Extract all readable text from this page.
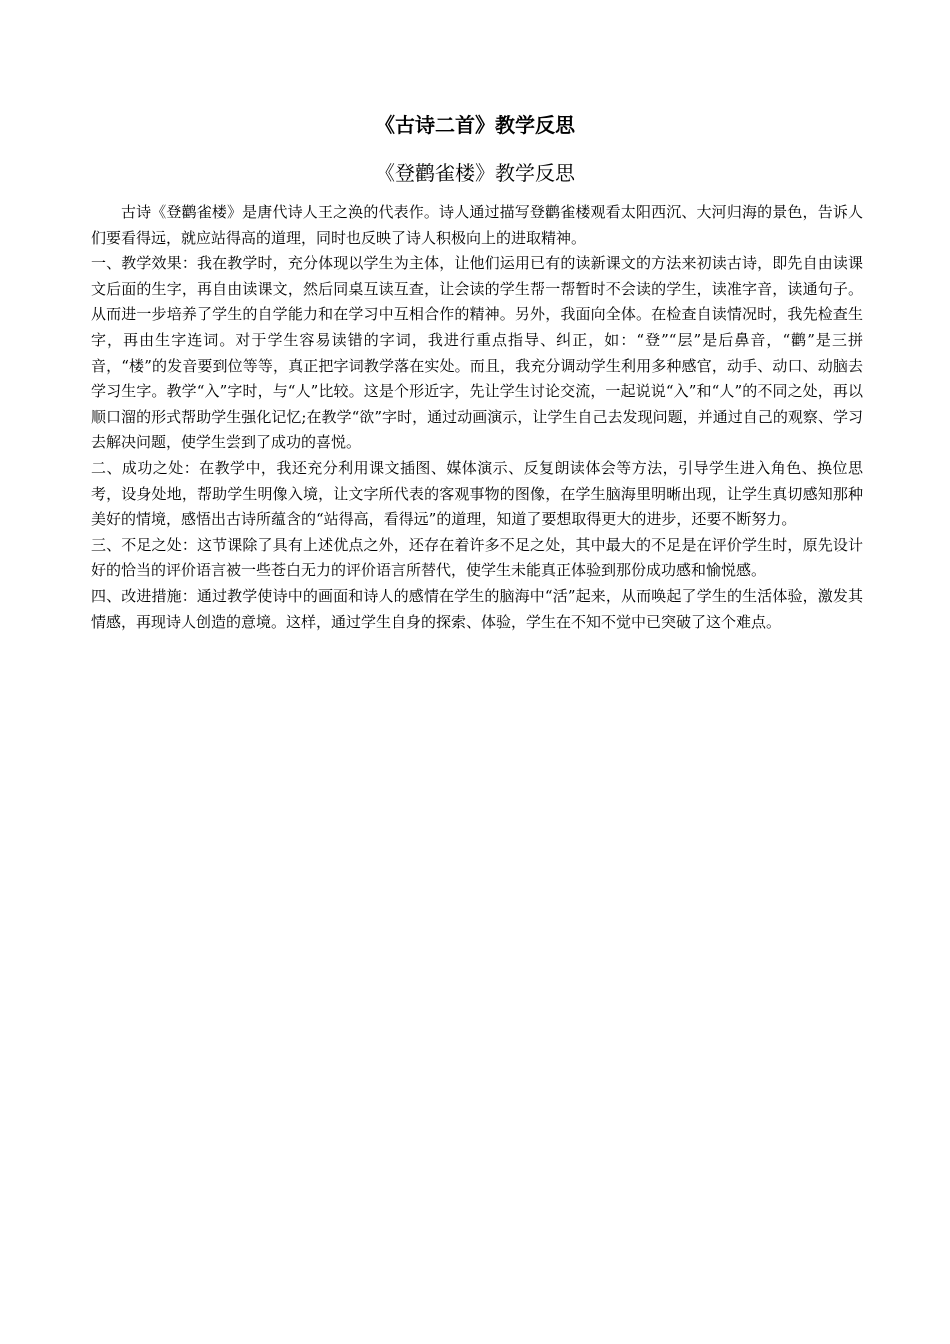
《古诗二首》教学反思
《登鹳雀楼》教学反思

古诗《登鹳雀楼》是唐代诗人王之涣的代表作。诗人通过描写登鹳雀楼观看太阳西沉、大河归海的景色，告诉人们要看得远，就应站得高的道理，同时也反映了诗人积极向上的进取精神。

一、教学效果：我在教学时，充分体现以学生为主体，让他们运用已有的读新课文的方法来初读古诗，即先自由读课文后面的生字，再自由读课文，然后同桌互读互查，让会读的学生帮一帮暂时不会读的学生，读准字音，读通句子。从而进一步培养了学生的自学能力和在学习中互相合作的精神。另外，我面向全体。在检查自读情况时，我先检查生字，再由生字连词。对于学生容易读错的字词，我进行重点指导、纠正，如：“登”“层”是后鼻音，“鹳”是三拼音，“楼”的发音要到位等等，真正把字词教学落在实处。而且，我充分调动学生利用多种感官，动手、动口、动脑去学习生字。教学“入”字时，与“人”比较。这是个形近字，先让学生讨论交流，一起说说“入”和“人”的不同之处，再以顺口溜的形式帮助学生强化记忆;在教学“欲”字时，通过动画演示，让学生自己去发现问题，并通过自己的观察、学习去解决问题，使学生尝到了成功的喜悦。

二、成功之处：在教学中，我还充分利用课文插图、媒体演示、反复朗读体会等方法，引导学生进入角色、换位思考，设身处地，帮助学生明像入境，让文字所代表的客观事物的图像，在学生脑海里明晰出现，让学生真切感知那种美好的情境，感悟出古诗所蕴含的“站得高，看得远”的道理，知道了要想取得更大的进步，还要不断努力。

三、不足之处：这节课除了具有上述优点之外，还存在着许多不足之处，其中最大的不足是在评价学生时，原先设计好的恰当的评价语言被一些苍白无力的评价语言所替代，使学生未能真正体验到那份成功感和愉悦感。

四、改进措施：通过教学使诗中的画面和诗人的感情在学生的脑海中“活”起来，从而唤起了学生的生活体验，激发其情感，再现诗人创造的意境。这样，通过学生自身的探索、体验，学生在不知不觉中已突破了这个难点。
